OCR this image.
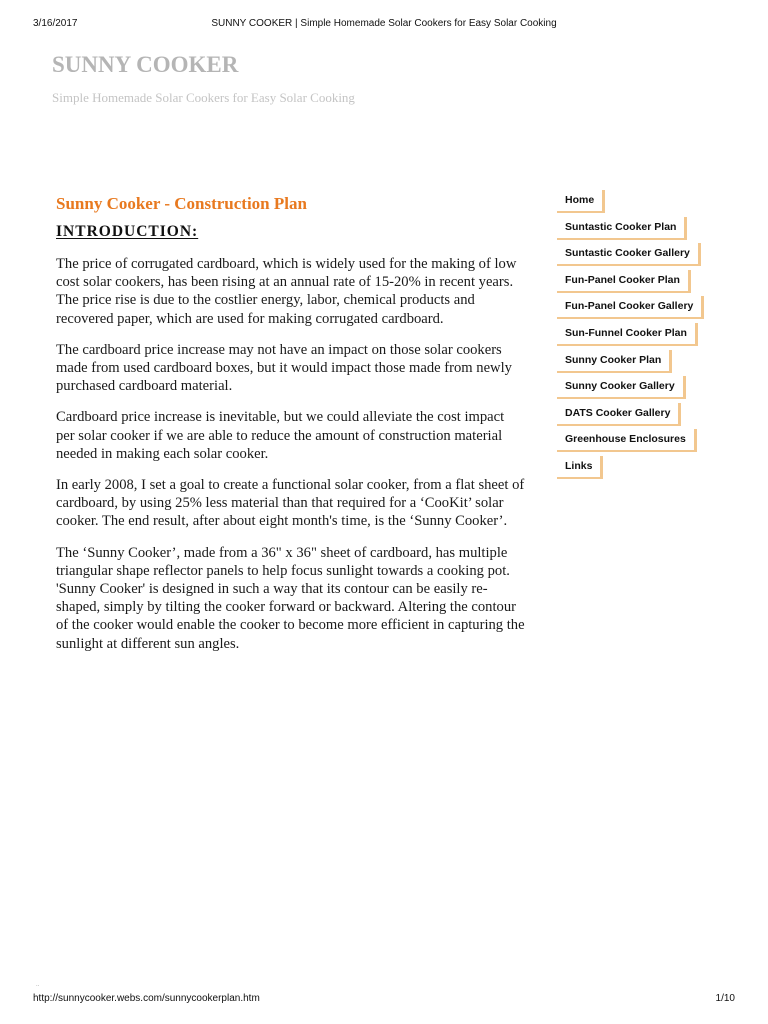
3/16/2017	SUNNY COOKER | Simple Homemade Solar Cookers for Easy Solar Cooking
SUNNY COOKER
Simple Homemade Solar Cookers for Easy Solar Cooking
Sunny Cooker - Construction Plan
INTRODUCTION:

The price of corrugated cardboard, which is widely used for the making of low cost solar cookers, has been rising at an annual rate of 15-20% in recent years. The price rise is due to the costlier energy, labor, chemical products and recovered paper, which are used for making corrugated cardboard.

The cardboard price increase may not have an impact on those solar cookers made from used cardboard boxes, but it would impact those made from newly purchased cardboard material.

Cardboard price increase is inevitable, but we could alleviate the cost impact per solar cooker if we are able to reduce the amount of construction material needed in making each solar cooker.

In early 2008, I set a goal to create a functional solar cooker, from a flat sheet of cardboard, by using 25% less material than that required for a ‘CooKit’ solar cooker. The end result, after about eight month's time, is the ‘Sunny Cooker’.

The ‘Sunny Cooker’, made from a 36" x 36" sheet of cardboard, has multiple triangular shape reflector panels to help focus sunlight towards a cooking pot. 'Sunny Cooker' is designed in such a way that its contour can be easily re-shaped, simply by tilting the cooker forward or backward. Altering the contour of the cooker would enable the cooker to become more efficient in capturing the sunlight at different sun angles.

Home
Suntastic Cooker Plan
Suntastic Cooker Gallery
Fun-Panel Cooker Plan
Fun-Panel Cooker Gallery
Sun-Funnel Cooker Plan
Sunny Cooker Plan
Sunny Cooker Gallery
DATS Cooker Gallery
Greenhouse Enclosures
Links
..
http://sunnycooker.webs.com/sunnycookerplan.htm	1/10
